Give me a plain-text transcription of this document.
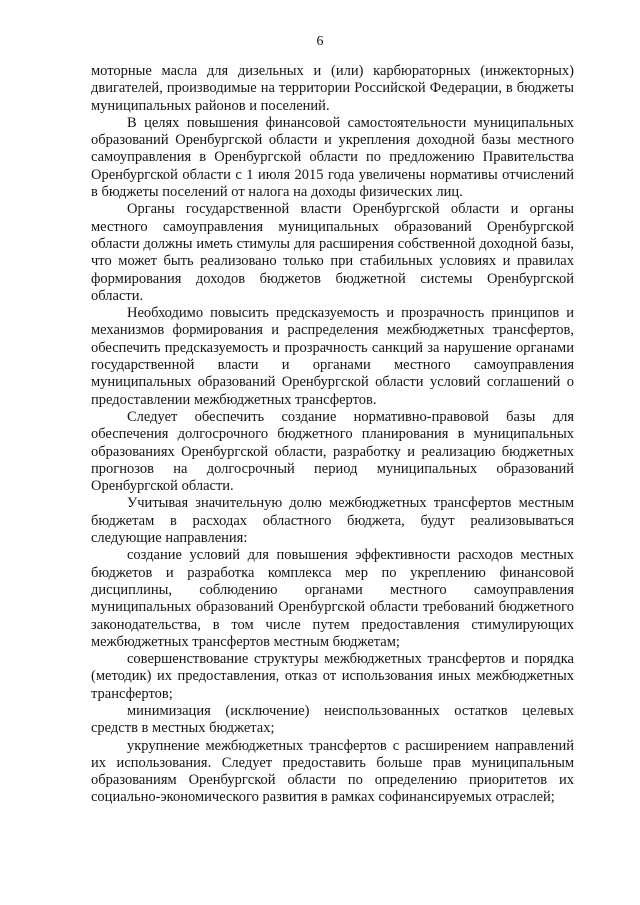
6

моторные масла для дизельных и (или) карбюраторных (инжекторных) двигателей, производимые на территории Российской Федерации, в бюджеты муниципальных районов и поселений.

В целях повышения финансовой самостоятельности муниципальных образований Оренбургской области и укрепления доходной базы местного самоуправления в Оренбургской области по предложению Правительства Оренбургской области с 1 июля 2015 года увеличены нормативы отчислений в бюджеты поселений от налога на доходы физических лиц.

Органы государственной власти Оренбургской области и органы местного самоуправления муниципальных образований Оренбургской области должны иметь стимулы для расширения собственной доходной базы, что может быть реализовано только при стабильных условиях и правилах формирования доходов бюджетов бюджетной системы Оренбургской области.

Необходимо повысить предсказуемость и прозрачность принципов и механизмов формирования и распределения межбюджетных трансфертов, обеспечить предсказуемость и прозрачность санкций за нарушение органами государственной власти и органами местного самоуправления муниципальных образований Оренбургской области условий соглашений о предоставлении межбюджетных трансфертов.

Следует обеспечить создание нормативно-правовой базы для обеспечения долгосрочного бюджетного планирования в муниципальных образованиях Оренбургской области, разработку и реализацию бюджетных прогнозов на долгосрочный период муниципальных образований Оренбургской области.

Учитывая значительную долю межбюджетных трансфертов местным бюджетам в расходах областного бюджета, будут реализовываться следующие направления:

создание условий для повышения эффективности расходов местных бюджетов и разработка комплекса мер по укреплению финансовой дисциплины, соблюдению органами местного самоуправления муниципальных образований Оренбургской области требований бюджетного законодательства, в том числе путем предоставления стимулирующих межбюджетных трансфертов местным бюджетам;

совершенствование структуры межбюджетных трансфертов и порядка (методик) их предоставления, отказ от использования иных межбюджетных трансфертов;

минимизация (исключение) неиспользованных остатков целевых средств в местных бюджетах;

укрупнение межбюджетных трансфертов с расширением направлений их использования. Следует предоставить больше прав муниципальным образованиям Оренбургской области по определению приоритетов их социально-экономического развития в рамках софинансируемых отраслей;
